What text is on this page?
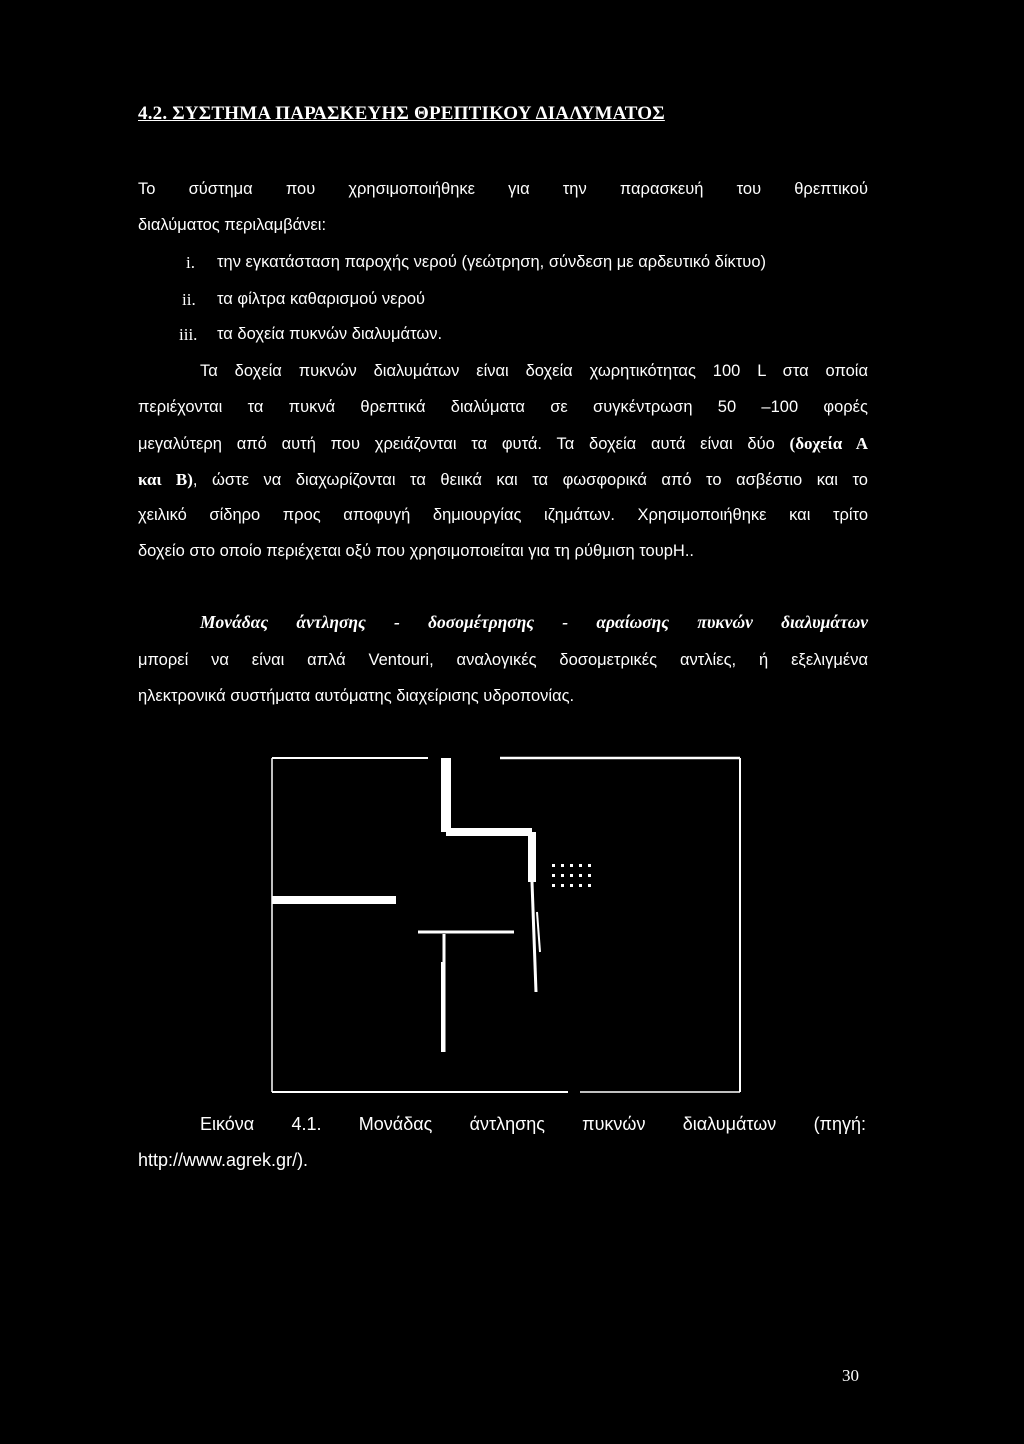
4.2. ΣΥΣΤΗΜΑ ΠΑΡΑΣΚΕΥΗΣ ΘΡΕΠΤΙΚΟΥ ΔΙΑΛΥΜΑΤΟΣ
Το σύστημα που χρησιμοποιήθηκε για την παρασκευή του θρεπτικού
διαλύματος περιλαμβάνει:
i. την εγκατάσταση παροχής νερού (γεώτρηση, σύνδεση με αρδευτικό δίκτυο)
ii. τα φίλτρα καθαρισμού νερού
iii. τα δοχεία πυκνών διαλυμάτων.
Τα δοχεία πυκνών διαλυμάτων είναι δοχεία χωρητικότητας 100 L στα οποία
περιέχονται τα πυκνά θρεπτικά διαλύματα σε συγκέντρωση 50 –100 φορές
μεγαλύτερη από αυτή που χρειάζονται τα φυτά. Τα δοχεία αυτά είναι δύο (δοχεία Α
και Β), ώστε να διαχωρίζονται τα θειικά και τα φωσφορικά από το ασβέστιο και το
χειλικό σίδηρο προς αποφυγή δημιουργίας ιζημάτων. Χρησιμοποιήθηκε και τρίτο
δοχείο στο οποίο περιέχεται οξύ που χρησιμοποιείται για τη ρύθμιση τουpH..
Μονάδας άντλησης - δοσομέτρησης - αραίωσης πυκνών διαλυμάτων
μπορεί να είναι απλά Ventouri, αναλογικές δοσομετρικές αντλίες, ή εξελιγμένα
ηλεκτρονικά συστήματα αυτόματης διαχείρισης υδροπονίας.
Εικόνα 4.1. Μονάδας άντλησης πυκνών διαλυμάτων (πηγή:
http://www.agrek.gr/).
30
